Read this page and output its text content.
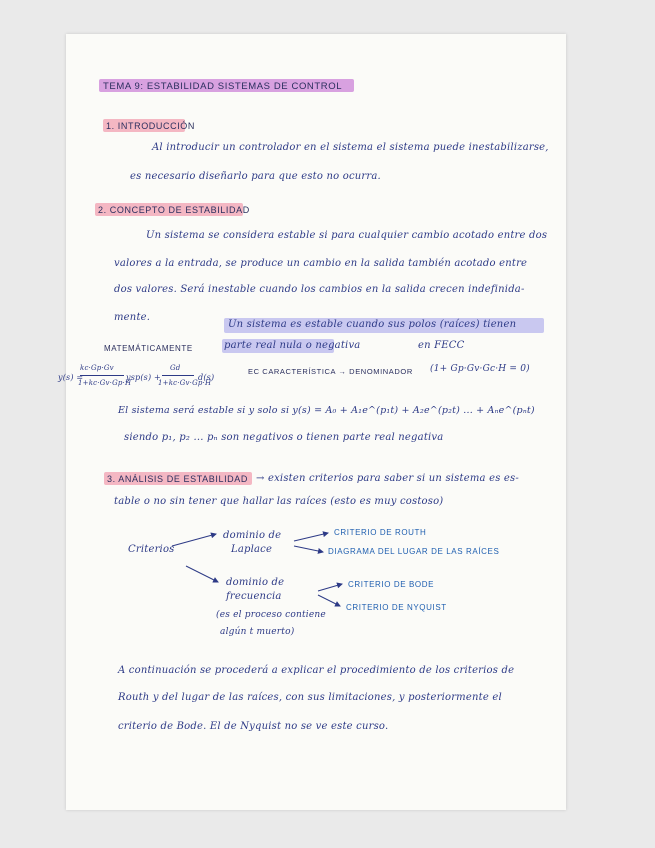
TEMA 9: ESTABILIDAD SISTEMAS DE CONTROL
1. INTRODUCCIÓN
Al introducir un controlador en el sistema el sistema puede inestabilizarse,
es necesario diseñarlo para que esto no ocurra.
2. CONCEPTO DE ESTABILIDAD
Un sistema se considera estable si para cualquier cambio acotado entre dos
valores a la entrada, se produce un cambio en la salida también acotado entre
dos valores. Será inestable cuando los cambios en la salida crecen indefinida-
mente.
Un sistema es estable cuando sus polos (raíces) tienen
parte real nula o negativa	en FECC
MATEMÁTICAMENTE
y(s) =
kc·Gp·Gv
1+kc·Gv·Gp·H
ysp(s) +
Gd
1+kc·Gv·Gp·H
d(s)
EC CARACTERÍSTICA → DENOMINADOR (1+ Gp·Gv·Gc·H = 0)
El sistema será estable si y solo si y(s) = A₀ + A₁e^(p₁t) + A₂e^(p₂t) ... + Aₙe^(pₙt)
siendo p₁, p₂ ... pₙ son negativos o tienen parte real negativa
3. ANÁLISIS DE ESTABILIDAD → existen criterios para saber si un sistema es es-
table o no sin tener que hallar las raíces (esto es muy costoso)
Criterios
dominio de
Laplace
dominio de
frecuencia
(es el proceso contiene
algún t muerto)
CRITERIO DE ROUTH
DIAGRAMA DEL LUGAR DE LAS RAÍCES
CRITERIO DE BODE
CRITERIO DE NYQUIST
A continuación se procederá a explicar el procedimiento de los criterios de
Routh y del lugar de las raíces, con sus limitaciones, y posteriormente el
criterio de Bode. El de Nyquist no se ve este curso.
